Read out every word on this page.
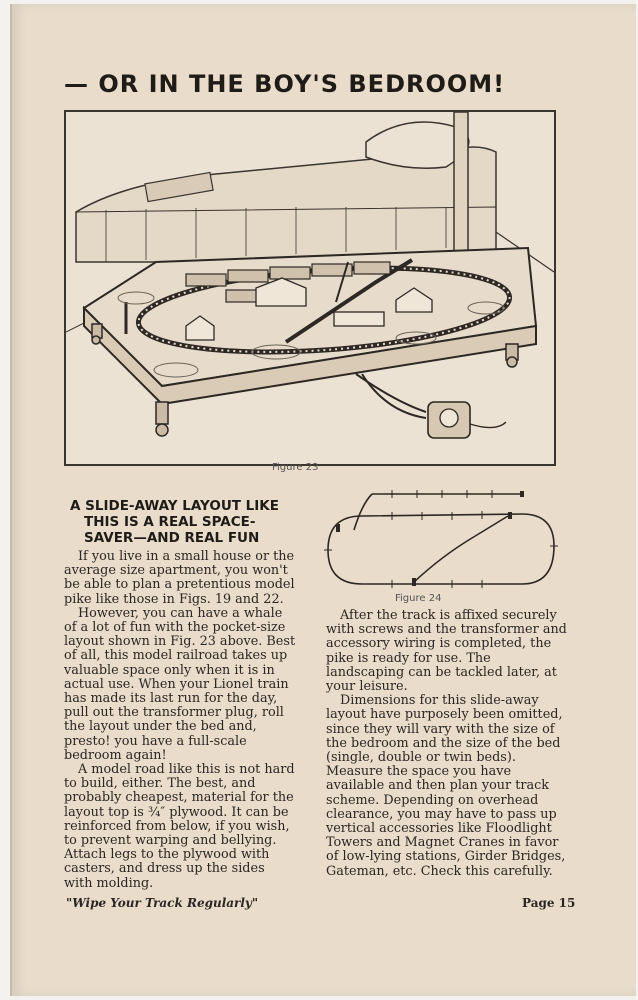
— OR IN THE BOY'S BEDROOM!
Figure 23
A SLIDE-AWAY LAYOUT LIKE
THIS IS A REAL SPACE-
SAVER—AND REAL FUN

If you live in a small house or the average size apartment, you won't be able to plan a pretentious model pike like those in Figs. 19 and 22.

However, you can have a whale of a lot of fun with the pocket-size layout shown in Fig. 23 above. Best of all, this model railroad takes up valuable space only when it is in actual use. When your Lionel train has made its last run for the day, pull out the transformer plug, roll the layout under the bed and, presto! you have a full-scale bedroom again!

A model road like this is not hard to build, either. The best, and probably cheapest, material for the layout top is ¾″ plywood. It can be reinforced from below, if you wish, to prevent warping and bellying. Attach legs to the plywood with casters, and dress up the sides with molding.

Figure 24

After the track is affixed securely with screws and the transformer and accessory wiring is completed, the pike is ready for use. The landscaping can be tackled later, at your leisure.

Dimensions for this slide-away layout have purposely been omitted, since they will vary with the size of the bedroom and the size of the bed (single, double or twin beds). Measure the space you have available and then plan your track scheme. Depending on overhead clearance, you may have to pass up vertical accessories like Floodlight Towers and Magnet Cranes in favor of low-lying stations, Girder Bridges, Gateman, etc. Check this carefully.

"Wipe Your Track Regularly"	Page 15
